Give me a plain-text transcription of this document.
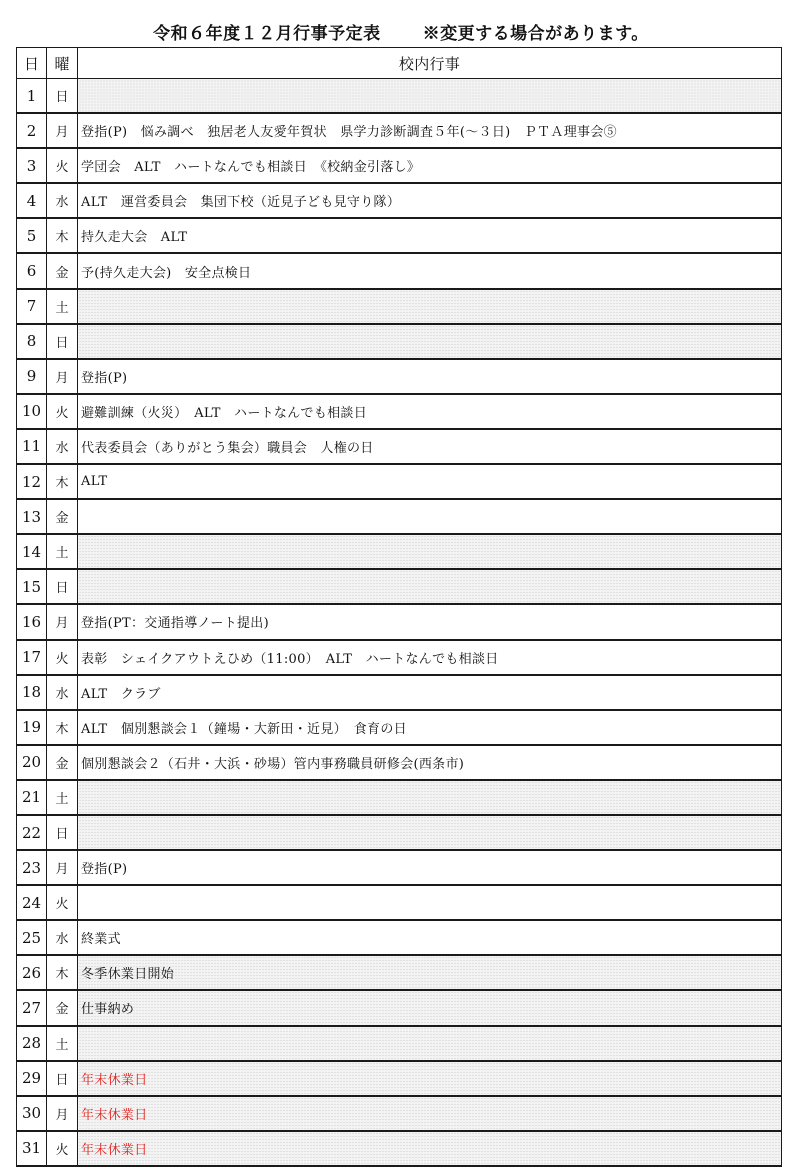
令和６年度１２月行事予定表 ※変更する場合があります。
日	曜	校内行事
1	日	
2	月	登指(P)　悩み調べ　独居老人友愛年賀状　県学力診断調査５年(～３日)　ＰＴＡ理事会⑤
3	火	学団会　ALT　ハートなんでも相談日　《校納金引落し》
4	水	ALT　運営委員会　集団下校（近見子ども見守り隊）
5	木	持久走大会　ALT
6	金	予(持久走大会)　安全点検日
7	土	
8	日	
9	月	登指(P)
10	火	避難訓練（火災）　ALT　ハートなんでも相談日
11	水	代表委員会（ありがとう集会）職員会　人権の日
12	木	ALT
13	金	
14	土	
15	日	
16	月	登指(PT：交通指導ノート提出)
17	火	表彰　シェイクアウトえひめ（11:00）　ALT　ハートなんでも相談日
18	水	ALT　クラブ
19	木	ALT　個別懇談会１（鐘場・大新田・近見）　食育の日
20	金	個別懇談会２（石井・大浜・砂場）管内事務職員研修会(西条市)
21	土	
22	日	
23	月	登指(P)
24	火	
25	水	終業式
26	木	冬季休業日開始
27	金	仕事納め
28	土	
29	日	年末休業日
30	月	年末休業日
31	火	年末休業日
